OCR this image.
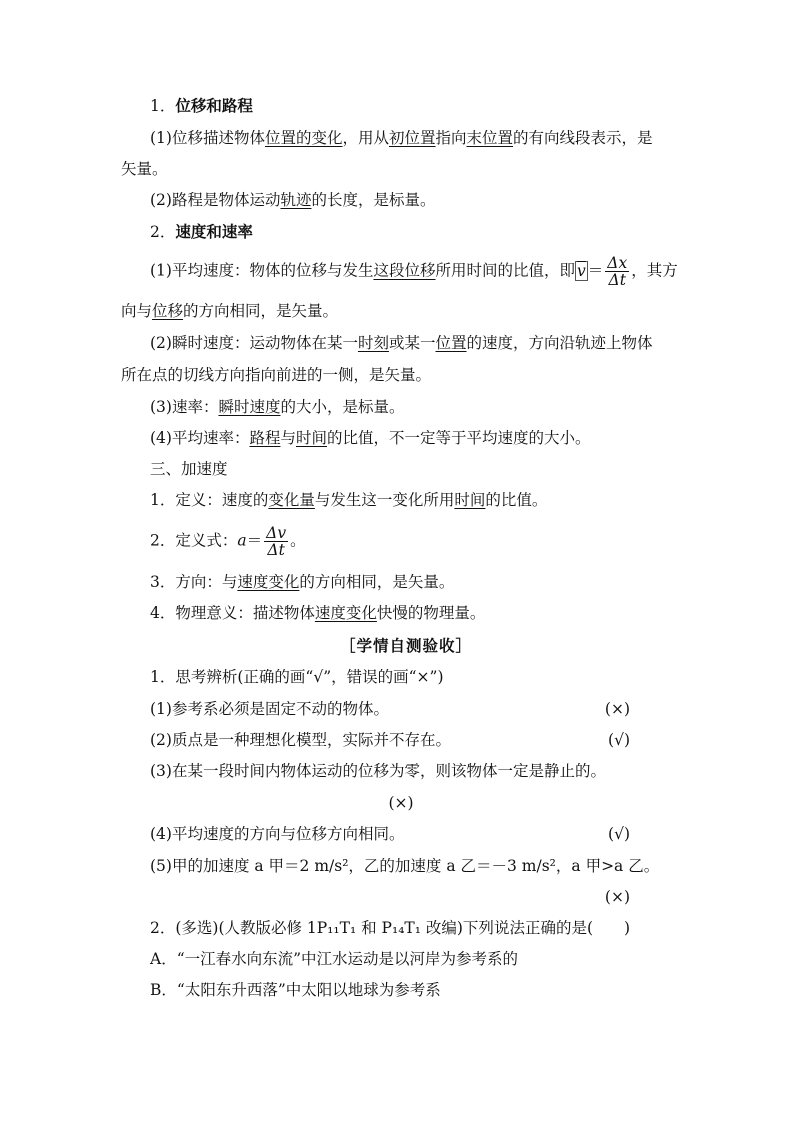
1．位移和路程
(1)位移描述物体位置的变化，用从初位置指向末位置的有向线段表示，是
矢量。
(2)路程是物体运动轨迹的长度，是标量。
2．速度和速率
(1)平均速度：物体的位移与发生这段位移所用时间的比值，即 $\overline{v} = \frac{\Delta x}{\Delta t}$ ，其方
向与位移的方向相同，是矢量。
(2)瞬时速度：运动物体在某一时刻或某一位置的速度，方向沿轨迹上物体
所在点的切线方向指向前进的一侧，是矢量。
(3)速率：瞬时速度的大小，是标量。
(4)平均速率：路程与时间的比值，不一定等于平均速度的大小。
三、加速度
1．定义：速度的变化量与发生这一变化所用时间的比值。
2．定义式：$a= \frac{\Delta v}{\Delta t}$ 。
3．方向：与速度变化的方向相同，是矢量。
4．物理意义：描述物体速度变化快慢的物理量。
［学情自测验收］
1．思考辨析(正确的画“√”，错误的画“×”)
(1)参考系必须是固定不动的物体。	(×)
(2)质点是一种理想化模型，实际并不存在。	(√)
(3)在某一段时间内物体运动的位移为零，则该物体一定是静止的。
(×)
(4)平均速度的方向与位移方向相同。	(√)
(5)甲的加速度 a 甲＝2 m/s²，乙的加速度 a 乙＝－3 m/s²，a 甲>a 乙。
(×)
2．(多选)(人教版必修 1P₁₁T₁ 和 P₁₄T₁ 改编)下列说法正确的是(　　)
A．“一江春水向东流”中江水运动是以河岸为参考系的
B．“太阳东升西落”中太阳以地球为参考系
